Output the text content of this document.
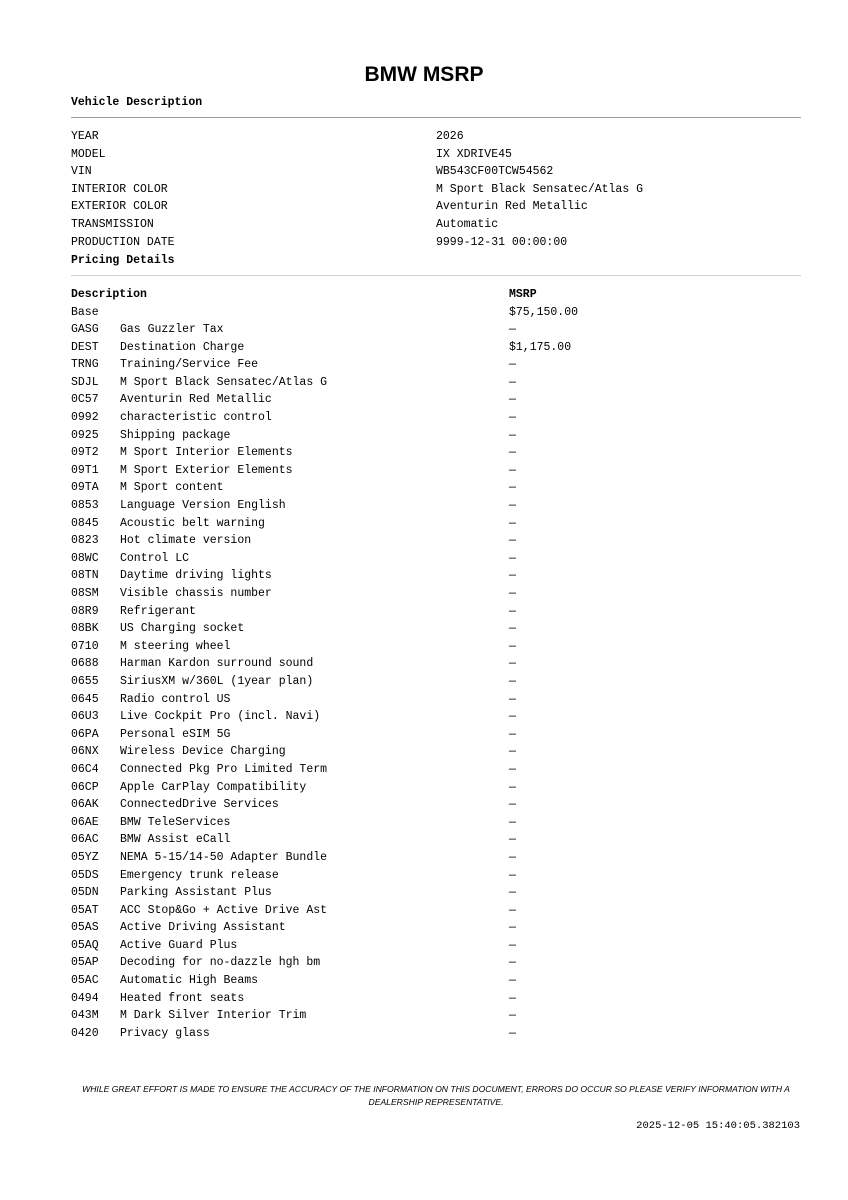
BMW MSRP
Vehicle Description
YEAR	2026
MODEL	IX XDRIVE45
VIN	WB543CF00TCW54562
INTERIOR COLOR	M Sport Black Sensatec/Atlas G
EXTERIOR COLOR	Aventurin Red Metallic
TRANSMISSION	Automatic
PRODUCTION DATE	9999-12-31 00:00:00
Pricing Details
Description	MSRP
Base	$75,150.00
GASG Gas Guzzler Tax	—
DEST Destination Charge	$1,175.00
TRNG Training/Service Fee	—
SDJL M Sport Black Sensatec/Atlas G	—
0C57 Aventurin Red Metallic	—
0992 characteristic control	—
0925 Shipping package	—
09T2 M Sport Interior Elements	—
09T1 M Sport Exterior Elements	—
09TA M Sport content	—
0853 Language Version English	—
0845 Acoustic belt warning	—
0823 Hot climate version	—
08WC Control LC	—
08TN Daytime driving lights	—
08SM Visible chassis number	—
08R9 Refrigerant	—
08BK US Charging socket	—
0710 M steering wheel	—
0688 Harman Kardon surround sound	—
0655 SiriusXM w/360L (1year plan)	—
0645 Radio control US	—
06U3 Live Cockpit Pro (incl. Navi)	—
06PA Personal eSIM 5G	—
06NX Wireless Device Charging	—
06C4 Connected Pkg Pro Limited Term	—
06CP Apple CarPlay Compatibility	—
06AK ConnectedDrive Services	—
06AE BMW TeleServices	—
06AC BMW Assist eCall	—
05YZ NEMA 5-15/14-50 Adapter Bundle	—
05DS Emergency trunk release	—
05DN Parking Assistant Plus	—
05AT ACC Stop&Go + Active Drive Ast	—
05AS Active Driving Assistant	—
05AQ Active Guard Plus	—
05AP Decoding for no-dazzle hgh bm	—
05AC Automatic High Beams	—
0494 Heated front seats	—
043M M Dark Silver Interior Trim	—
0420 Privacy glass	—
WHILE GREAT EFFORT IS MADE TO ENSURE THE ACCURACY OF THE INFORMATION ON THIS DOCUMENT, ERRORS DO OCCUR SO PLEASE VERIFY INFORMATION WITH A DEALERSHIP REPRESENTATIVE.
2025-12-05 15:40:05.382103
